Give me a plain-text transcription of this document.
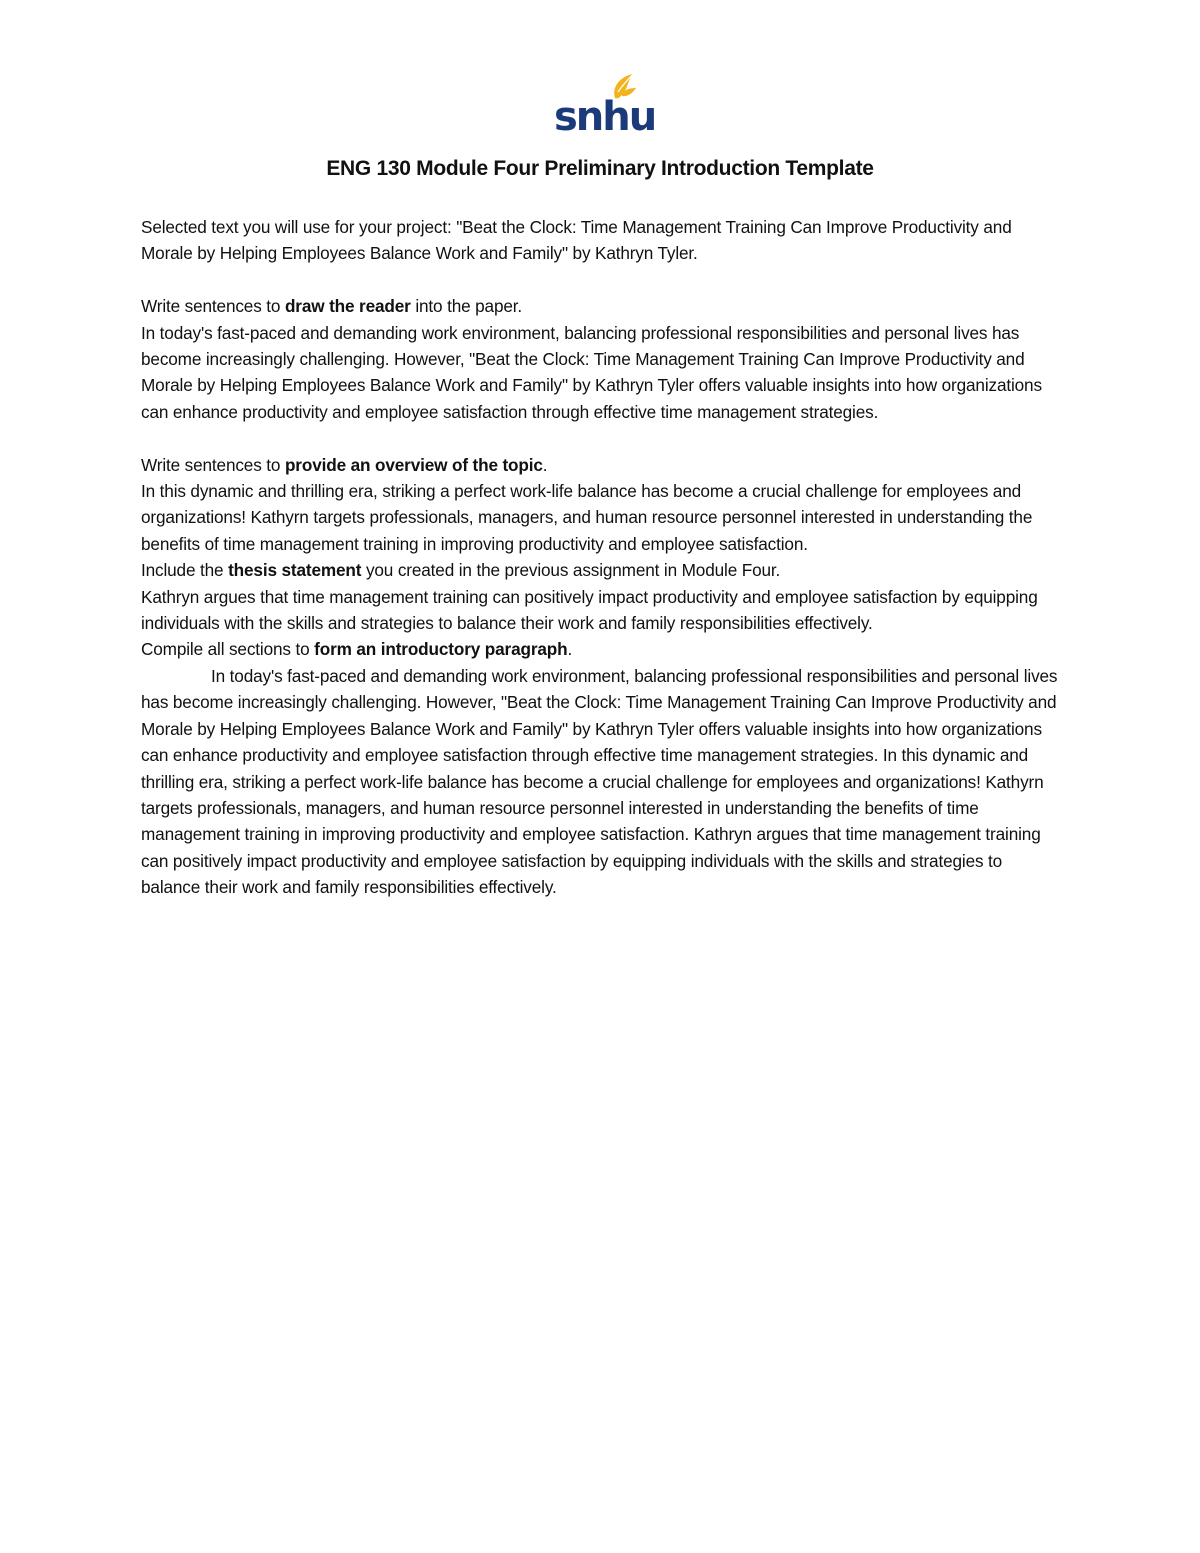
snhu
ENG 130 Module Four Preliminary Introduction Template

Selected text you will use for your project: "Beat the Clock: Time Management Training Can Improve Productivity and Morale by Helping Employees Balance Work and Family" by Kathryn Tyler.

Write sentences to draw the reader into the paper.

In today's fast-paced and demanding work environment, balancing professional responsibilities and personal lives has become increasingly challenging. However, "Beat the Clock: Time Management Training Can Improve Productivity and Morale by Helping Employees Balance Work and Family" by Kathryn Tyler offers valuable insights into how organizations can enhance productivity and employee satisfaction through effective time management strategies.

Write sentences to provide an overview of the topic.

In this dynamic and thrilling era, striking a perfect work-life balance has become a crucial challenge for employees and organizations! Kathyrn targets professionals, managers, and human resource personnel interested in understanding the benefits of time management training in improving productivity and employee satisfaction.

Include the thesis statement you created in the previous assignment in Module Four.

Kathryn argues that time management training can positively impact productivity and employee satisfaction by equipping individuals with the skills and strategies to balance their work and family responsibilities effectively.

Compile all sections to form an introductory paragraph.

In today's fast-paced and demanding work environment, balancing professional responsibilities and personal lives has become increasingly challenging. However, "Beat the Clock: Time Management Training Can Improve Productivity and Morale by Helping Employees Balance Work and Family" by Kathryn Tyler offers valuable insights into how organizations can enhance productivity and employee satisfaction through effective time management strategies. In this dynamic and thrilling era, striking a perfect work-life balance has become a crucial challenge for employees and organizations! Kathyrn targets professionals, managers, and human resource personnel interested in understanding the benefits of time management training in improving productivity and employee satisfaction. Kathryn argues that time management training can positively impact productivity and employee satisfaction by equipping individuals with the skills and strategies to balance their work and family responsibilities effectively.
